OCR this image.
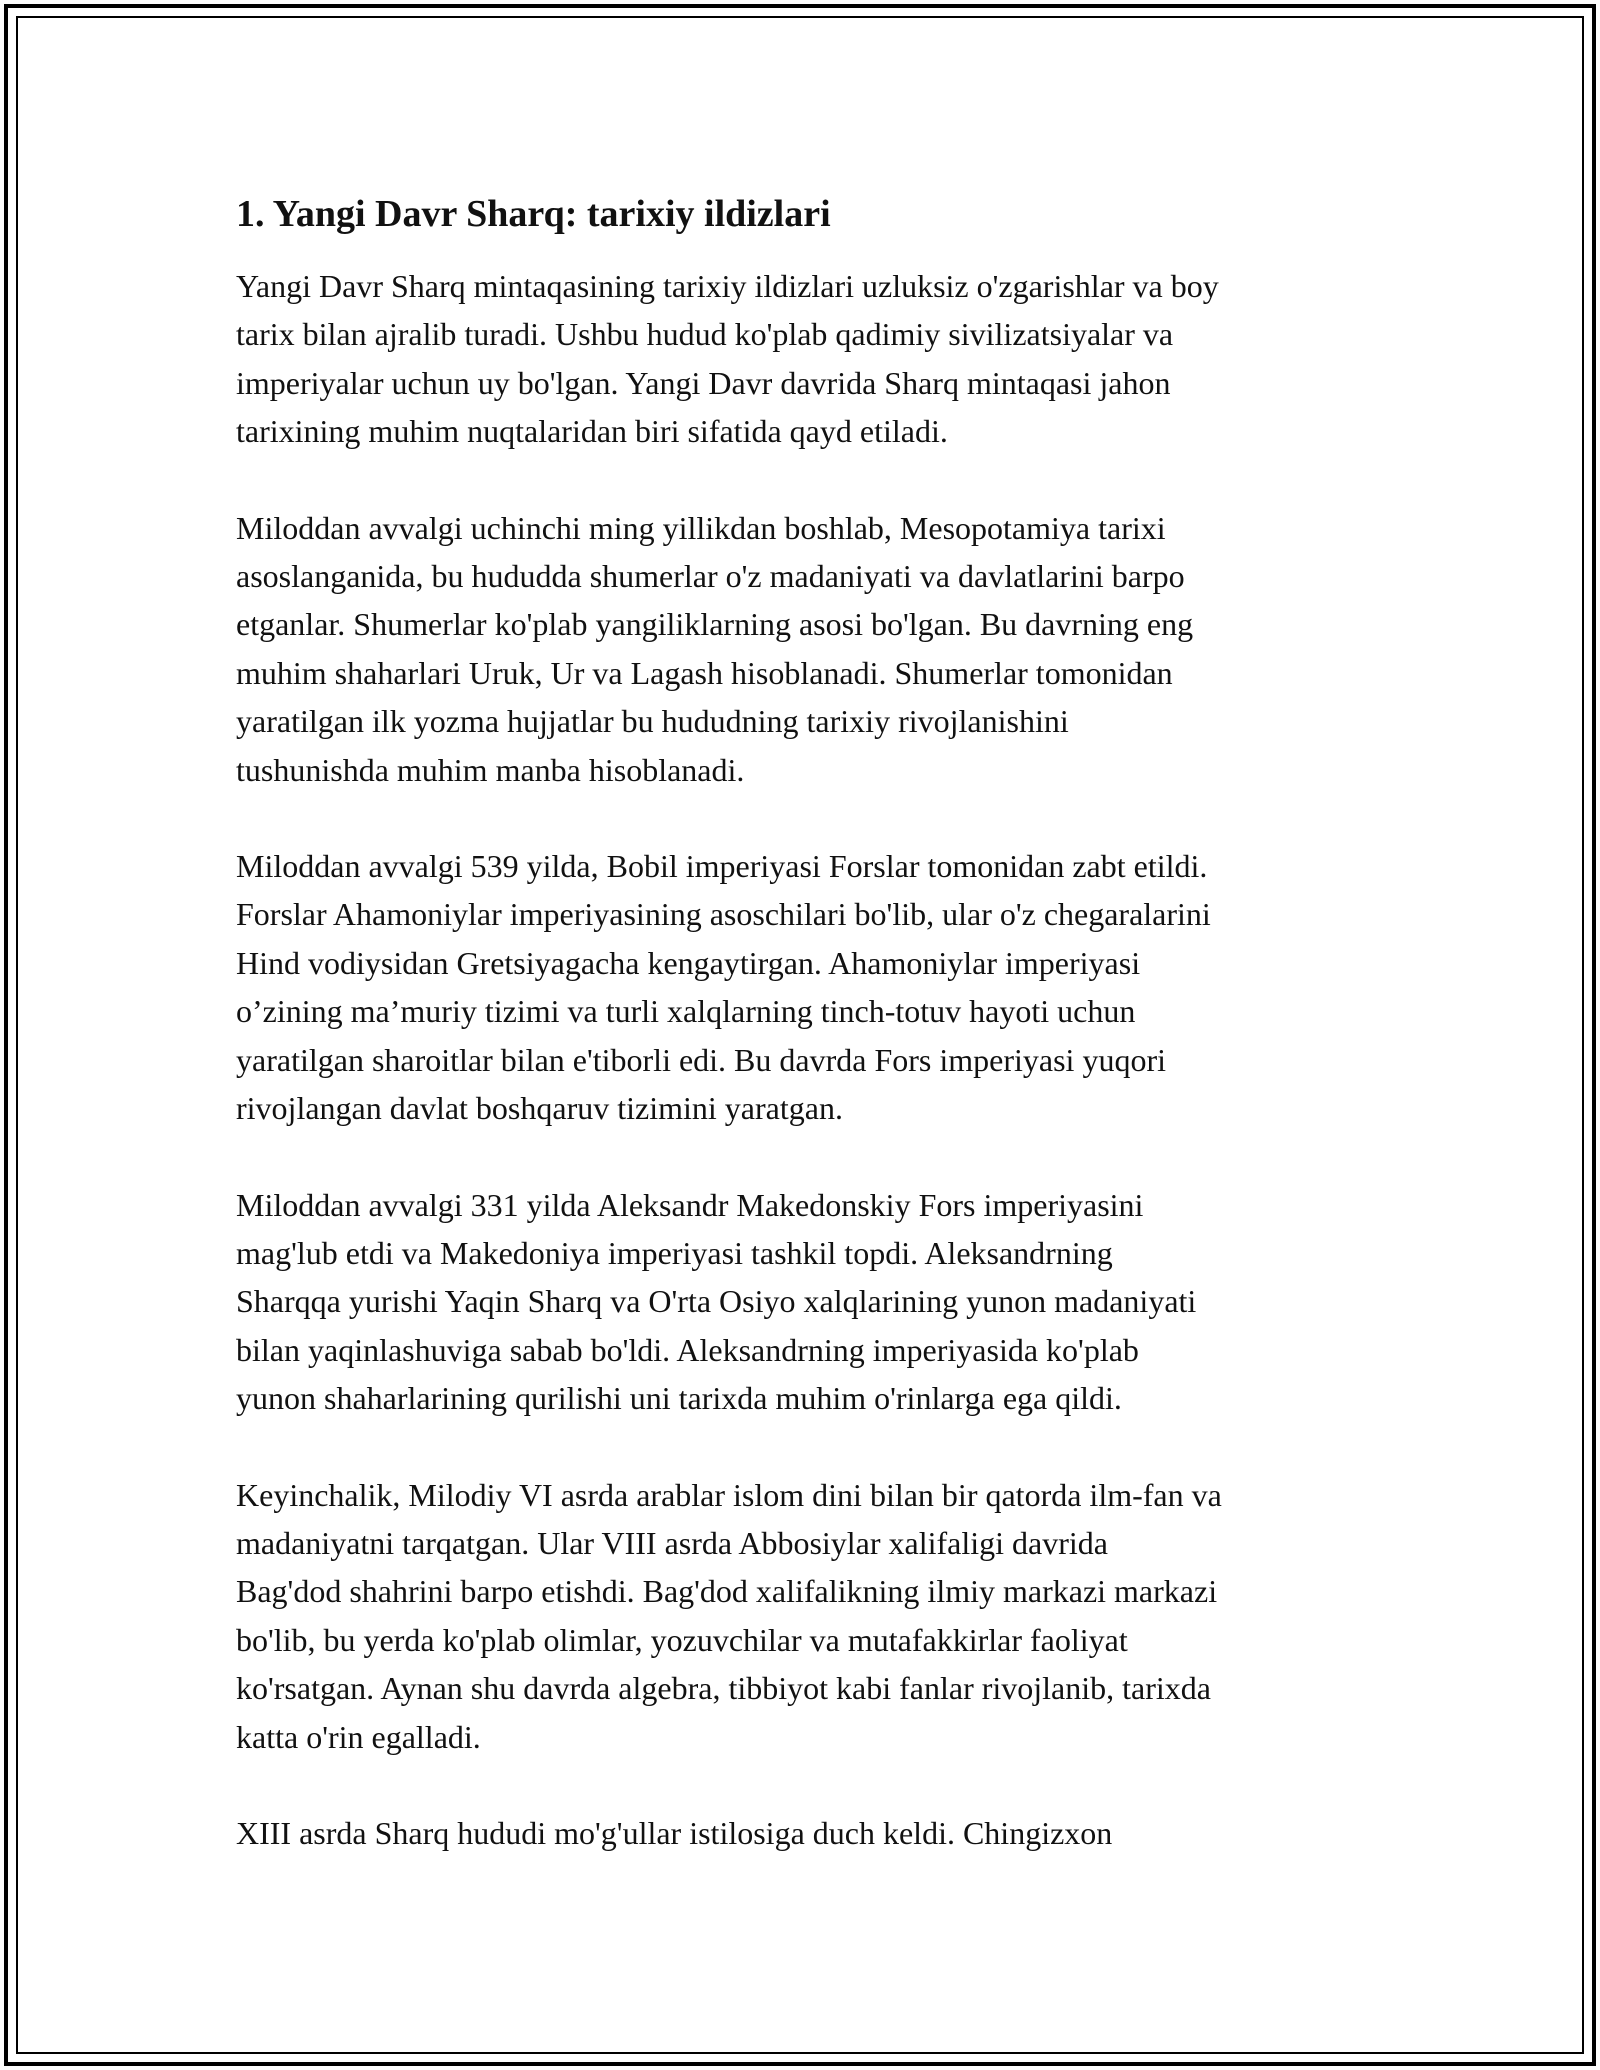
1. Yangi Davr Sharq: tarixiy ildizlari
Yangi Davr Sharq mintaqasining tarixiy ildizlari uzluksiz o'zgarishlar va boy
tarix bilan ajralib turadi. Ushbu hudud ko'plab qadimiy sivilizatsiyalar va
imperiyalar uchun uy bo'lgan. Yangi Davr davrida Sharq mintaqasi jahon
tarixining muhim nuqtalaridan biri sifatida qayd etiladi.
Miloddan avvalgi uchinchi ming yillikdan boshlab, Mesopotamiya tarixi
asoslanganida, bu hududda shumerlar o'z madaniyati va davlatlarini barpo
etganlar. Shumerlar ko'plab yangiliklarning asosi bo'lgan. Bu davrning eng
muhim shaharlari Uruk, Ur va Lagash hisoblanadi. Shumerlar tomonidan
yaratilgan ilk yozma hujjatlar bu hududning tarixiy rivojlanishini
tushunishda muhim manba hisoblanadi.
Miloddan avvalgi 539 yilda, Bobil imperiyasi Forslar tomonidan zabt etildi.
Forslar Ahamoniylar imperiyasining asoschilari bo'lib, ular o'z chegaralarini
Hind vodiysidan Gretsiyagacha kengaytirgan. Ahamoniylar imperiyasi
o’zining ma’muriy tizimi va turli xalqlarning tinch-totuv hayoti uchun
yaratilgan sharoitlar bilan e'tiborli edi. Bu davrda Fors imperiyasi yuqori
rivojlangan davlat boshqaruv tizimini yaratgan.
Miloddan avvalgi 331 yilda Aleksandr Makedonskiy Fors imperiyasini
mag'lub etdi va Makedoniya imperiyasi tashkil topdi. Aleksandrning
Sharqqa yurishi Yaqin Sharq va O'rta Osiyo xalqlarining yunon madaniyati
bilan yaqinlashuviga sabab bo'ldi. Aleksandrning imperiyasida ko'plab
yunon shaharlarining qurilishi uni tarixda muhim o'rinlarga ega qildi.
Keyinchalik, Milodiy VI asrda arablar islom dini bilan bir qatorda ilm-fan va
madaniyatni tarqatgan. Ular VIII asrda Abbosiylar xalifaligi davrida
Bag'dod shahrini barpo etishdi. Bag'dod xalifalikning ilmiy markazi markazi
bo'lib, bu yerda ko'plab olimlar, yozuvchilar va mutafakkirlar faoliyat
ko'rsatgan. Aynan shu davrda algebra, tibbiyot kabi fanlar rivojlanib, tarixda
katta o'rin egalladi.
XIII asrda Sharq hududi mo'g'ullar istilosiga duch keldi. Chingizxon
